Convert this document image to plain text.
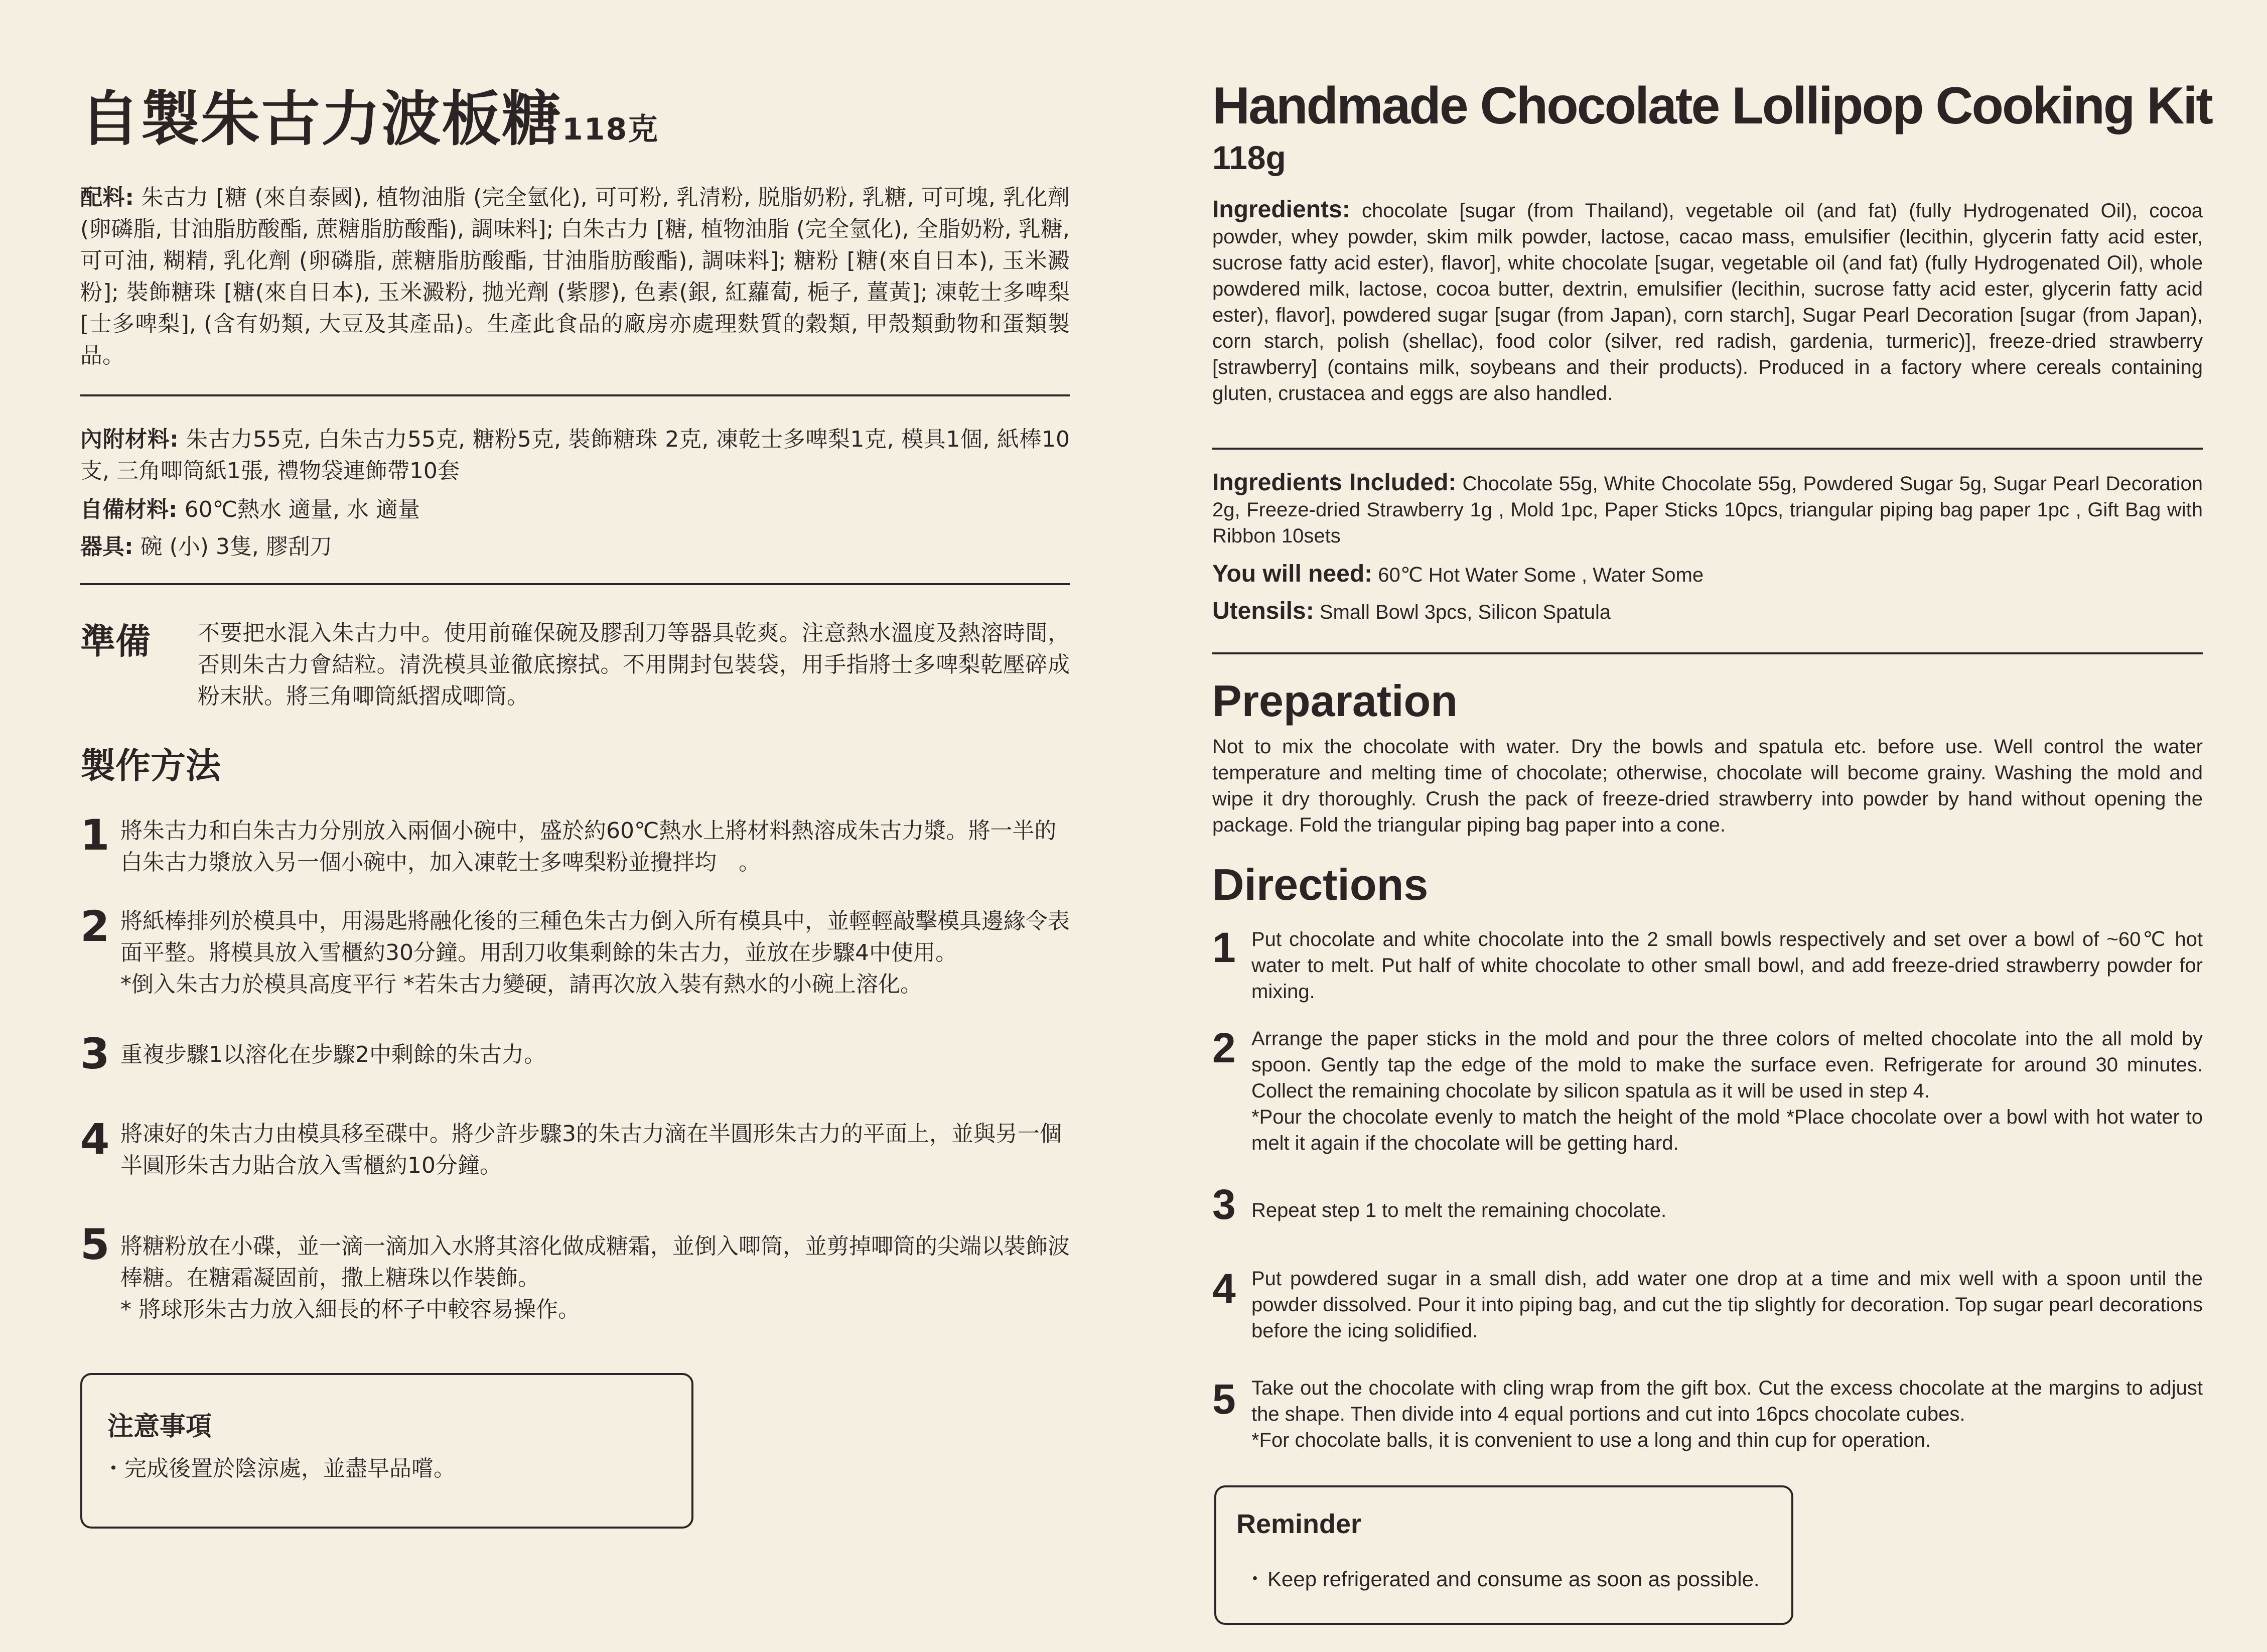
自製朱古力波板糖118克
配料: 朱古力 [糖 (來自泰國), 植物油脂 (完全氫化), 可可粉, 乳清粉, 脱脂奶粉, 乳糖, 可可塊, 乳化劑 (卵磷脂, 甘油脂肪酸酯, 蔗糖脂肪酸酯), 調味料]; 白朱古力 [糖, 植物油脂 (完全氫化), 全脂奶粉, 乳糖, 可可油, 糊精, 乳化劑 (卵磷脂, 蔗糖脂肪酸酯, 甘油脂肪酸酯), 調味料]; 糖粉 [糖(來自日本), 玉米澱粉]; 裝飾糖珠 [糖(來自日本), 玉米澱粉, 拋光劑 (紫膠), 色素(銀, 紅蘿蔔, 梔子, 薑黃]; 凍乾士多啤梨 [士多啤梨], (含有奶類, 大豆及其產品)。生產此食品的廠房亦處理麩質的穀類, 甲殼類動物和蛋類製品。
內附材料: 朱古力55克, 白朱古力55克, 糖粉5克, 裝飾糖珠 2克, 凍乾士多啤梨1克, 模具1個, 紙棒10支, 三角唧筒紙1張, 禮物袋連飾帶10套
自備材料: 60℃熱水 適量, 水 適量
器具: 碗 (小) 3隻, 膠刮刀
準備 不要把水混入朱古力中。使用前確保碗及膠刮刀等器具乾爽。注意熱水溫度及熱溶時間，否則朱古力會結粒。清洗模具並徹底擦拭。不用開封包裝袋，用手指將士多啤梨乾壓碎成粉末狀。將三角唧筒紙摺成唧筒。
製作方法
1 將朱古力和白朱古力分別放入兩個小碗中，盛於約60℃熱水上將材料熱溶成朱古力漿。將一半的白朱古力漿放入另一個小碗中，加入凍乾士多啤梨粉並攪拌均　。
2 將紙棒排列於模具中，用湯匙將融化後的三種色朱古力倒入所有模具中，並輕輕敲擊模具邊緣令表面平整。將模具放入雪櫃約30分鐘。用刮刀收集剩餘的朱古力，並放在步驟4中使用。
*倒入朱古力於模具高度平行 *若朱古力變硬，請再次放入裝有熱水的小碗上溶化。
3 重複步驟1以溶化在步驟2中剩餘的朱古力。
4 將凍好的朱古力由模具移至碟中。將少許步驟3的朱古力滴在半圓形朱古力的平面上，並與另一個半圓形朱古力貼合放入雪櫃約10分鐘。
5 將糖粉放在小碟，並一滴一滴加入水將其溶化做成糖霜，並倒入唧筒，並剪掉唧筒的尖端以裝飾波棒糖。在糖霜凝固前，撒上糖珠以作裝飾。
* 將球形朱古力放入細長的杯子中較容易操作。
注意事項
・完成後置於陰涼處，並盡早品嚐。
Handmade Chocolate Lollipop Cooking Kit
118g
Ingredients: chocolate [sugar (from Thailand), vegetable oil (and fat) (fully Hydrogenated Oil), cocoa powder, whey powder, skim milk powder, lactose, cacao mass, emulsifier (lecithin, glycerin fatty acid ester, sucrose fatty acid ester), flavor], white chocolate [sugar, vegetable oil (and fat) (fully Hydrogenated Oil), whole powdered milk, lactose, cocoa butter, dextrin, emulsifier (lecithin, sucrose fatty acid ester, glycerin fatty acid ester), flavor], powdered sugar [sugar (from Japan), corn starch], Sugar Pearl Decoration [sugar (from Japan), corn starch, polish (shellac), food color (silver, red radish, gardenia, turmeric)], freeze-dried strawberry [strawberry] (contains milk, soybeans and their products). Produced in a factory where cereals containing gluten, crustacea and eggs are also handled.
Ingredients Included: Chocolate 55g, White Chocolate 55g, Powdered Sugar 5g, Sugar Pearl Decoration 2g, Freeze-dried Strawberry 1g , Mold 1pc, Paper Sticks 10pcs, triangular piping bag paper 1pc , Gift Bag with Ribbon 10sets
You will need: 60℃ Hot Water Some , Water Some
Utensils: Small Bowl 3pcs, Silicon Spatula
Preparation
Not to mix the chocolate with water. Dry the bowls and spatula etc. before use. Well control the water temperature and melting time of chocolate; otherwise, chocolate will become grainy. Washing the mold and wipe it dry thoroughly. Crush the pack of freeze-dried strawberry into powder by hand without opening the package. Fold the triangular piping bag paper into a cone.
Directions
1 Put chocolate and white chocolate into the 2 small bowls respectively and set over a bowl of ~60℃ hot water to melt. Put half of white chocolate to other small bowl, and add freeze-dried strawberry powder for mixing.
2 Arrange the paper sticks in the mold and pour the three colors of melted chocolate into the all mold by spoon. Gently tap the edge of the mold to make the surface even. Refrigerate for around 30 minutes. Collect the remaining chocolate by silicon spatula as it will be used in step 4.
*Pour the chocolate evenly to match the height of the mold *Place chocolate over a bowl with hot water to melt it again if the chocolate will be getting hard.
3 Repeat step 1 to melt the remaining chocolate.
4 Put powdered sugar in a small dish, add water one drop at a time and mix well with a spoon until the powder dissolved. Pour it into piping bag, and cut the tip slightly for decoration. Top sugar pearl decorations before the icing solidified.
5 Take out the chocolate with cling wrap from the gift box. Cut the excess chocolate at the margins to adjust the shape. Then divide into 4 equal portions and cut into 16pcs chocolate cubes.
*For chocolate balls, it is convenient to use a long and thin cup for operation.
Reminder
・Keep refrigerated and consume as soon as possible.
